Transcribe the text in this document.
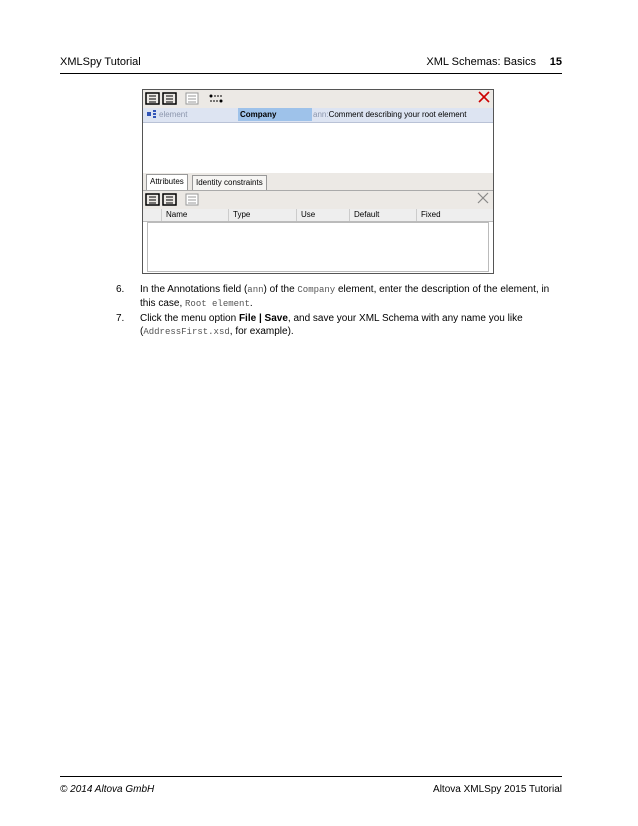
XMLSpy Tutorial	XML Schemas: Basics 15
element	Company	ann:Comment describing your root element
Attributes	Identity constraints
Name	Type	Use	Default	Fixed
6. In the Annotations field (ann) of the Company element, enter the description of the element, in this case, Root element.
7. Click the menu option File | Save, and save your XML Schema with any name you like (AddressFirst.xsd, for example).
© 2014 Altova GmbH	Altova XMLSpy 2015 Tutorial
